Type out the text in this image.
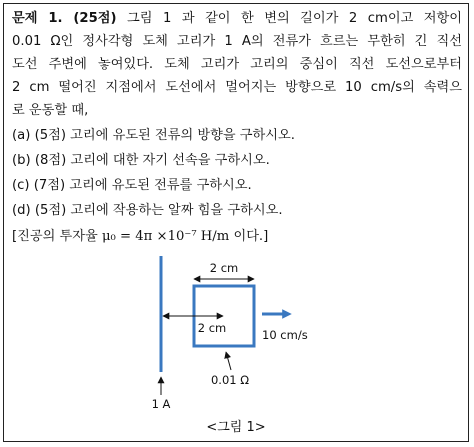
문제 1. (25점) 그림 1 과 같이 한 변의 길이가 2 cm이고 저항이
0.01 Ω인 정사각형 도체 고리가 1 A의 전류가 흐르는 무한히 긴 직선
도선 주변에 놓여있다. 도체 고리가 고리의 중심이 직선 도선으로부터
2 cm 떨어진 지점에서 도선에서 멀어지는 방향으로 10 cm/s의 속력으
로 운동할 때,
(a) (5점) 고리에 유도된 전류의 방향을 구하시오.
(b) (8점) 고리에 대한 자기 선속을 구하시오.
(c) (7점) 고리에 유도된 전류를 구하시오.
(d) (5점) 고리에 작용하는 알짜 힘을 구하시오.
[진공의 투자율 μ₀ = 4π ×10⁻⁷ H/m 이다.]
1 A
2 cm
2 cm	10 cm/s
0.01 Ω
<그림 1>
